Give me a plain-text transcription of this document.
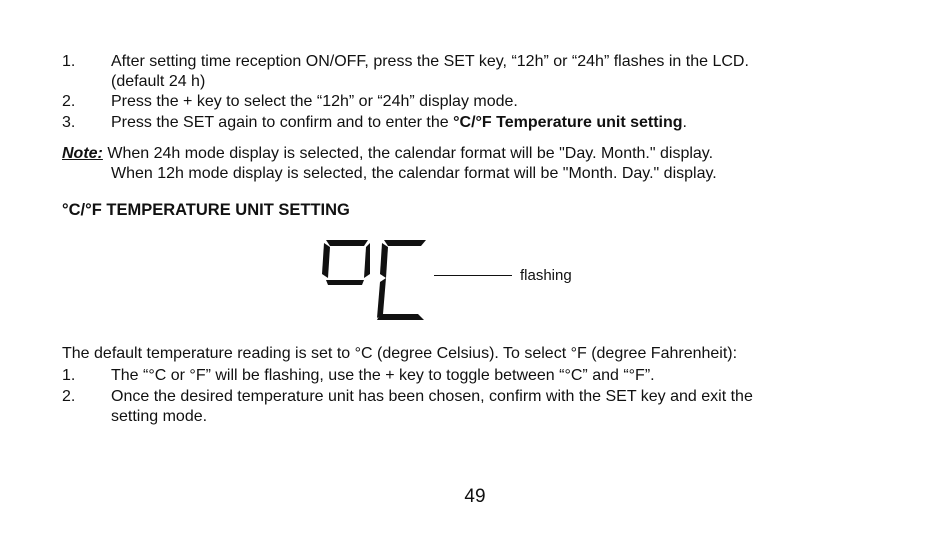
1. After setting time reception ON/OFF, press the SET key, “12h” or “24h” flashes in the LCD.
(default 24 h)
2. Press the + key to select the “12h” or “24h” display mode.
3. Press the SET again to confirm and to enter the °C/°F Temperature unit setting.
Note: When 24h mode display is selected, the calendar format will be "Day. Month." display.
When 12h mode display is selected, the calendar format will be "Month. Day." display.
°C/°F TEMPERATURE UNIT SETTING
flashing
The default temperature reading is set to °C (degree Celsius). To select °F (degree Fahrenheit):
1. The “°C or °F” will be flashing, use the + key to toggle between “°C” and “°F”.
2. Once the desired temperature unit has been chosen, confirm with the SET key and exit the
setting mode.
49
